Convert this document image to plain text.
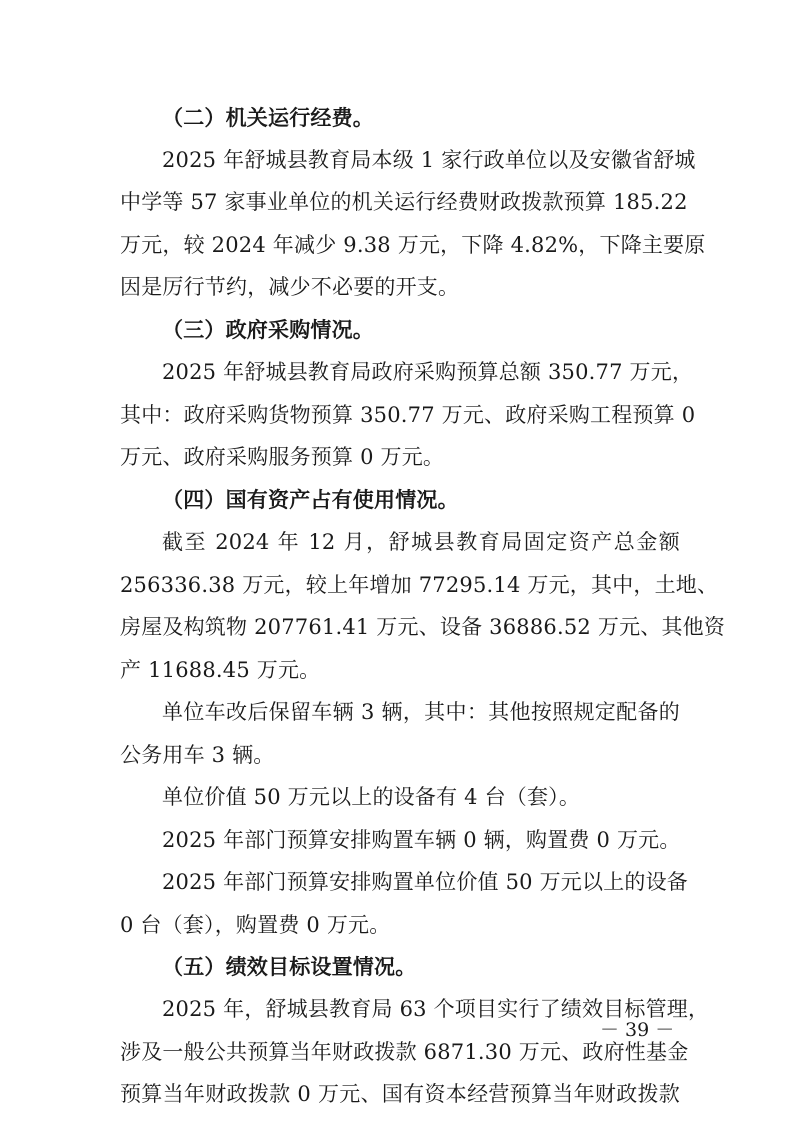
（二）机关运行经费。
2025 年舒城县教育局本级 1 家行政单位以及安徽省舒城
中学等 57 家事业单位的机关运行经费财政拨款预算 185.22
万元，较 2024 年减少 9.38 万元，下降 4.82%，下降主要原
因是厉行节约，减少不必要的开支。
（三）政府采购情况。
2025 年舒城县教育局政府采购预算总额 350.77 万元，
其中：政府采购货物预算 350.77 万元、政府采购工程预算 0
万元、政府采购服务预算 0 万元。
（四）国有资产占有使用情况。
截至 2024 年 12 月，舒城县教育局固定资产总金额
256336.38 万元，较上年增加 77295.14 万元，其中，土地、
房屋及构筑物 207761.41 万元、设备 36886.52 万元、其他资
产 11688.45 万元。
单位车改后保留车辆 3 辆，其中：其他按照规定配备的
公务用车 3 辆。
单位价值 50 万元以上的设备有 4 台（套）。
2025 年部门预算安排购置车辆 0 辆，购置费 0 万元。
2025 年部门预算安排购置单位价值 50 万元以上的设备
0 台（套），购置费 0 万元。
（五）绩效目标设置情况。
2025 年，舒城县教育局 63 个项目实行了绩效目标管理，
涉及一般公共预算当年财政拨款 6871.30 万元、政府性基金
预算当年财政拨款 0 万元、国有资本经营预算当年财政拨款
－ 39 －
